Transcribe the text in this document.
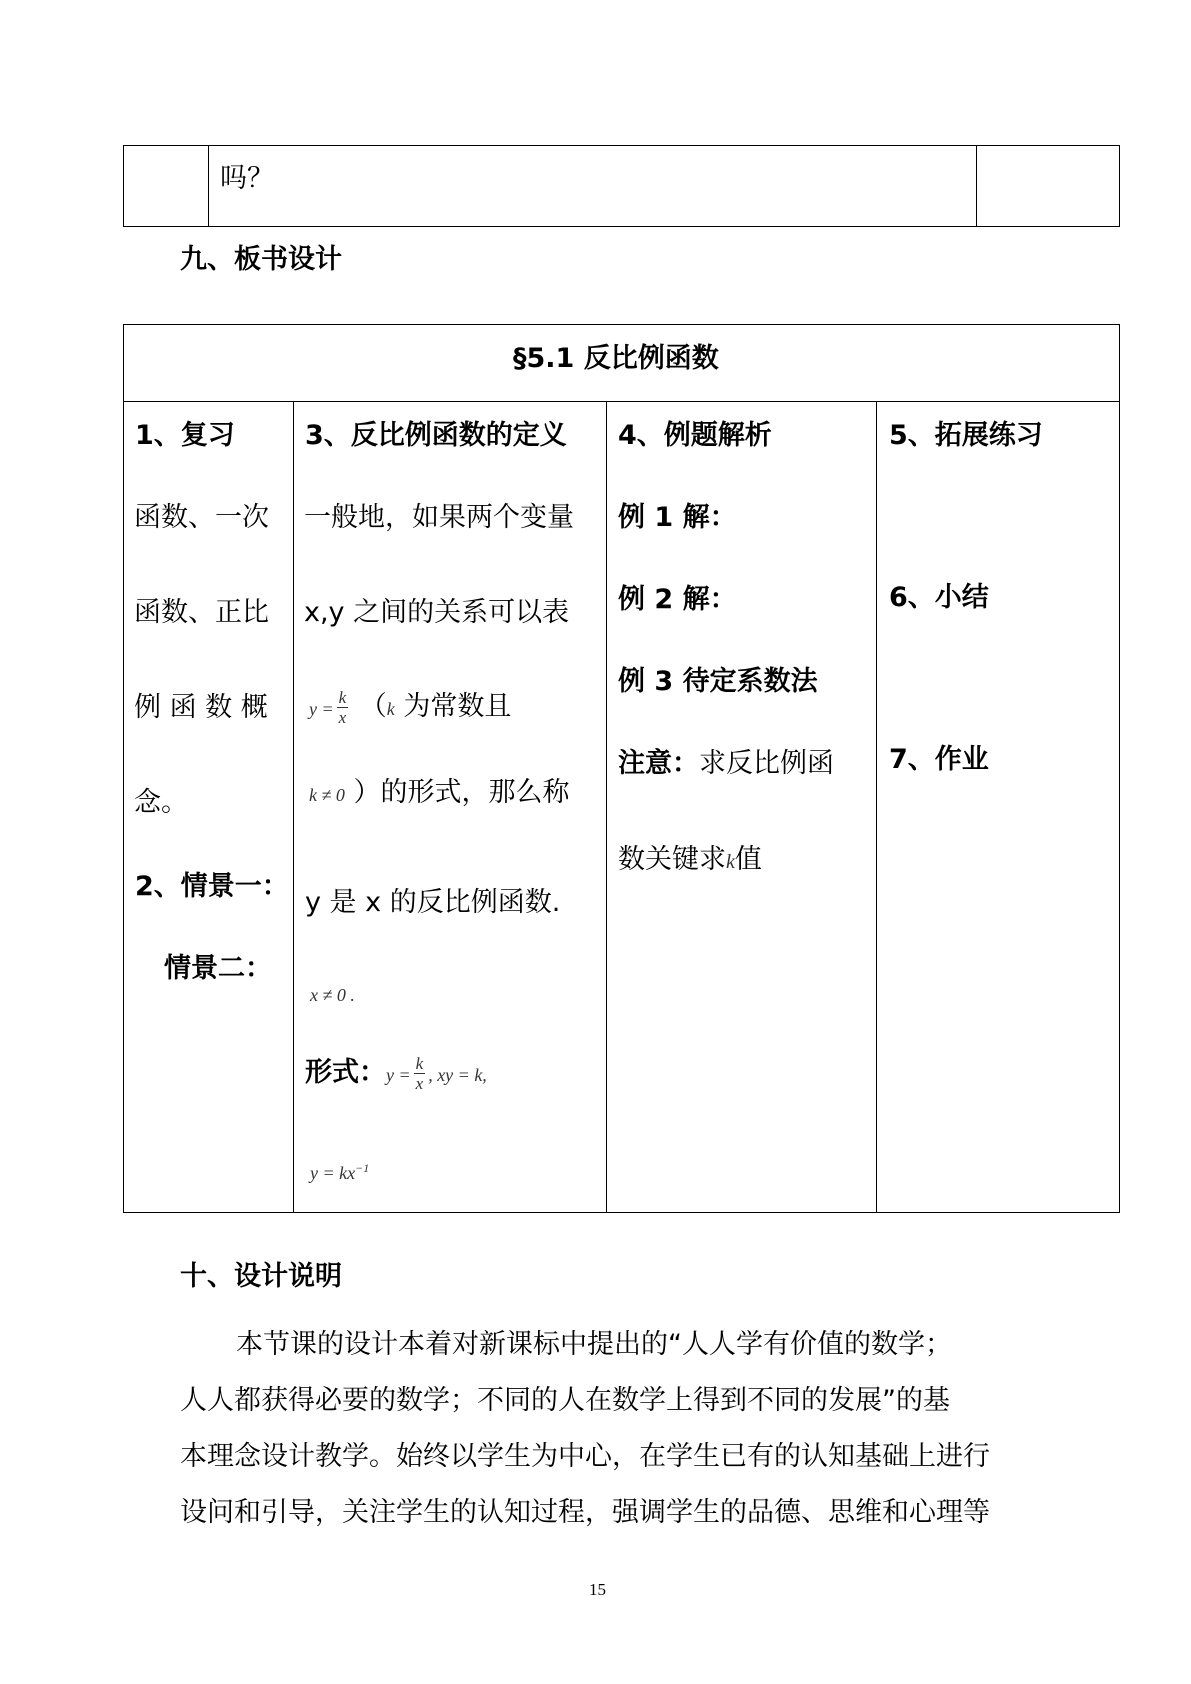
吗？
九、板书设计
§5.1 反比例函数
1、复习
函数、一次
函数、正比
例 函 数 概
念。
2、情景一：
情景二：
3、反比例函数的定义
一般地，如果两个变量
x,y 之间的关系可以表
$y = \frac{k}{x} (k$ 为常数且
k ≠ 0 ）的形式，那么称
y 是 x 的反比例函数.
x ≠ 0 .
形式：$y = \frac{k}{x}$ , xy = k,
$y = kx^{-1}$
4、例题解析
例 1 解：
例 2 解：
例 3 待定系数法
注意：求反比例函
数关键求k值
5、拓展练习
6、小结
7、作业
十、设计说明
本节课的设计本着对新课标中提出的“人人学有价值的数学；
人人都获得必要的数学；不同的人在数学上得到不同的发展”的基
本理念设计教学。始终以学生为中心，在学生已有的认知基础上进行
设问和引导，关注学生的认知过程，强调学生的品德、思维和心理等
15
